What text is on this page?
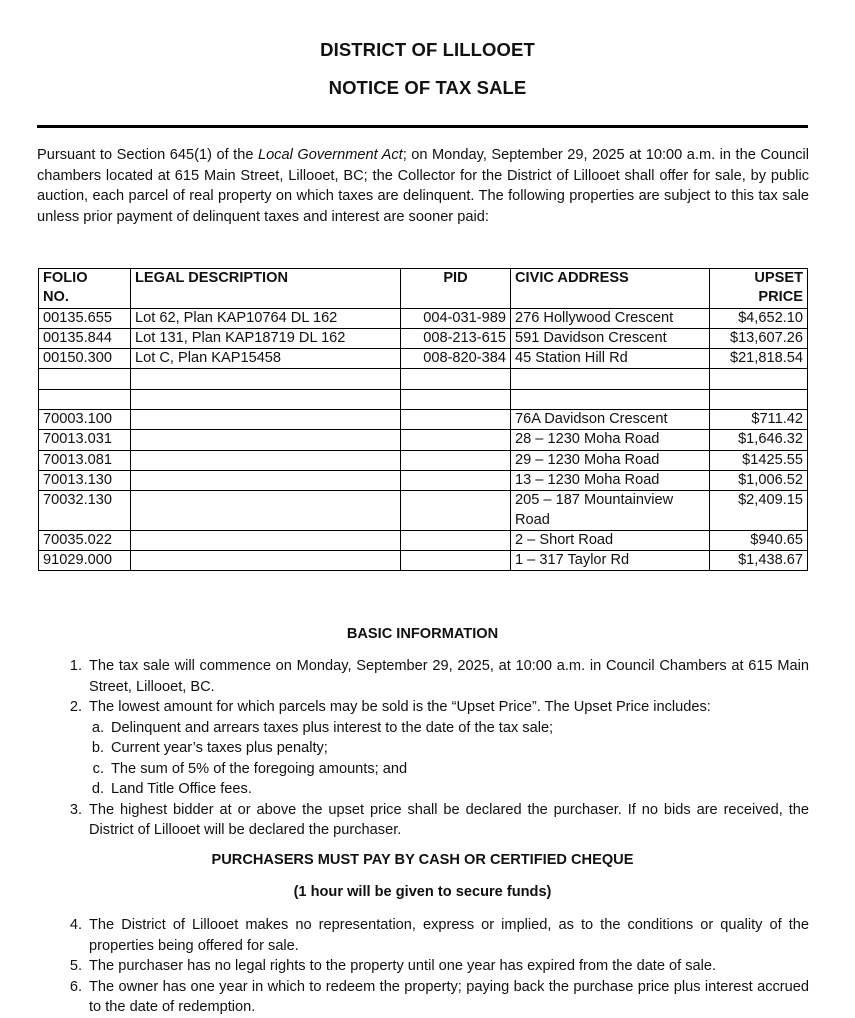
DISTRICT OF LILLOOET
NOTICE OF TAX SALE

Pursuant to Section 645(1) of the Local Government Act; on Monday, September 29, 2025 at 10:00 a.m. in the Council chambers located at 615 Main Street, Lillooet, BC; the Collector for the District of Lillooet shall offer for sale, by public auction, each parcel of real property on which taxes are delinquent. The following properties are subject to this tax sale unless prior payment of delinquent taxes and interest are sooner paid:

FOLIO
NO.	LEGAL DESCRIPTION	PID	CIVIC ADDRESS	UPSET
PRICE
00135.655	Lot 62, Plan KAP10764 DL 162	004-031-989	276 Hollywood Crescent	$4,652.10
00135.844	Lot 131, Plan KAP18719 DL 162	008-213-615	591 Davidson Crescent	$13,607.26
00150.300	Lot C, Plan KAP15458	008-820-384	45 Station Hill Rd	$21,818.54

70003.100			76A Davidson Crescent	$711.42
70013.031			28 – 1230 Moha Road	$1,646.32
70013.081			29 – 1230 Moha Road	$1425.55
70013.130			13 – 1230 Moha Road	$1,006.52
70032.130			205 – 187 Mountainview Road	$2,409.15
70035.022			2 – Short Road	$940.65
91029.000			1 – 317 Taylor Rd	$1,438.67
BASIC INFORMATION
1. The tax sale will commence on Monday, September 29, 2025, at 10:00 a.m. in Council Chambers at 615 Main Street, Lillooet, BC.
2. The lowest amount for which parcels may be sold is the “Upset Price”. The Upset Price includes:
a. Delinquent and arrears taxes plus interest to the date of the tax sale;
b. Current year’s taxes plus penalty;
c. The sum of 5% of the foregoing amounts; and
d. Land Title Office fees.
3. The highest bidder at or above the upset price shall be declared the purchaser. If no bids are received, the District of Lillooet will be declared the purchaser.
PURCHASERS MUST PAY BY CASH OR CERTIFIED CHEQUE
(1 hour will be given to secure funds)
4. The District of Lillooet makes no representation, express or implied, as to the conditions or quality of the properties being offered for sale.
5. The purchaser has no legal rights to the property until one year has expired from the date of sale.
6. The owner has one year in which to redeem the property; paying back the purchase price plus interest accrued to the date of redemption.
